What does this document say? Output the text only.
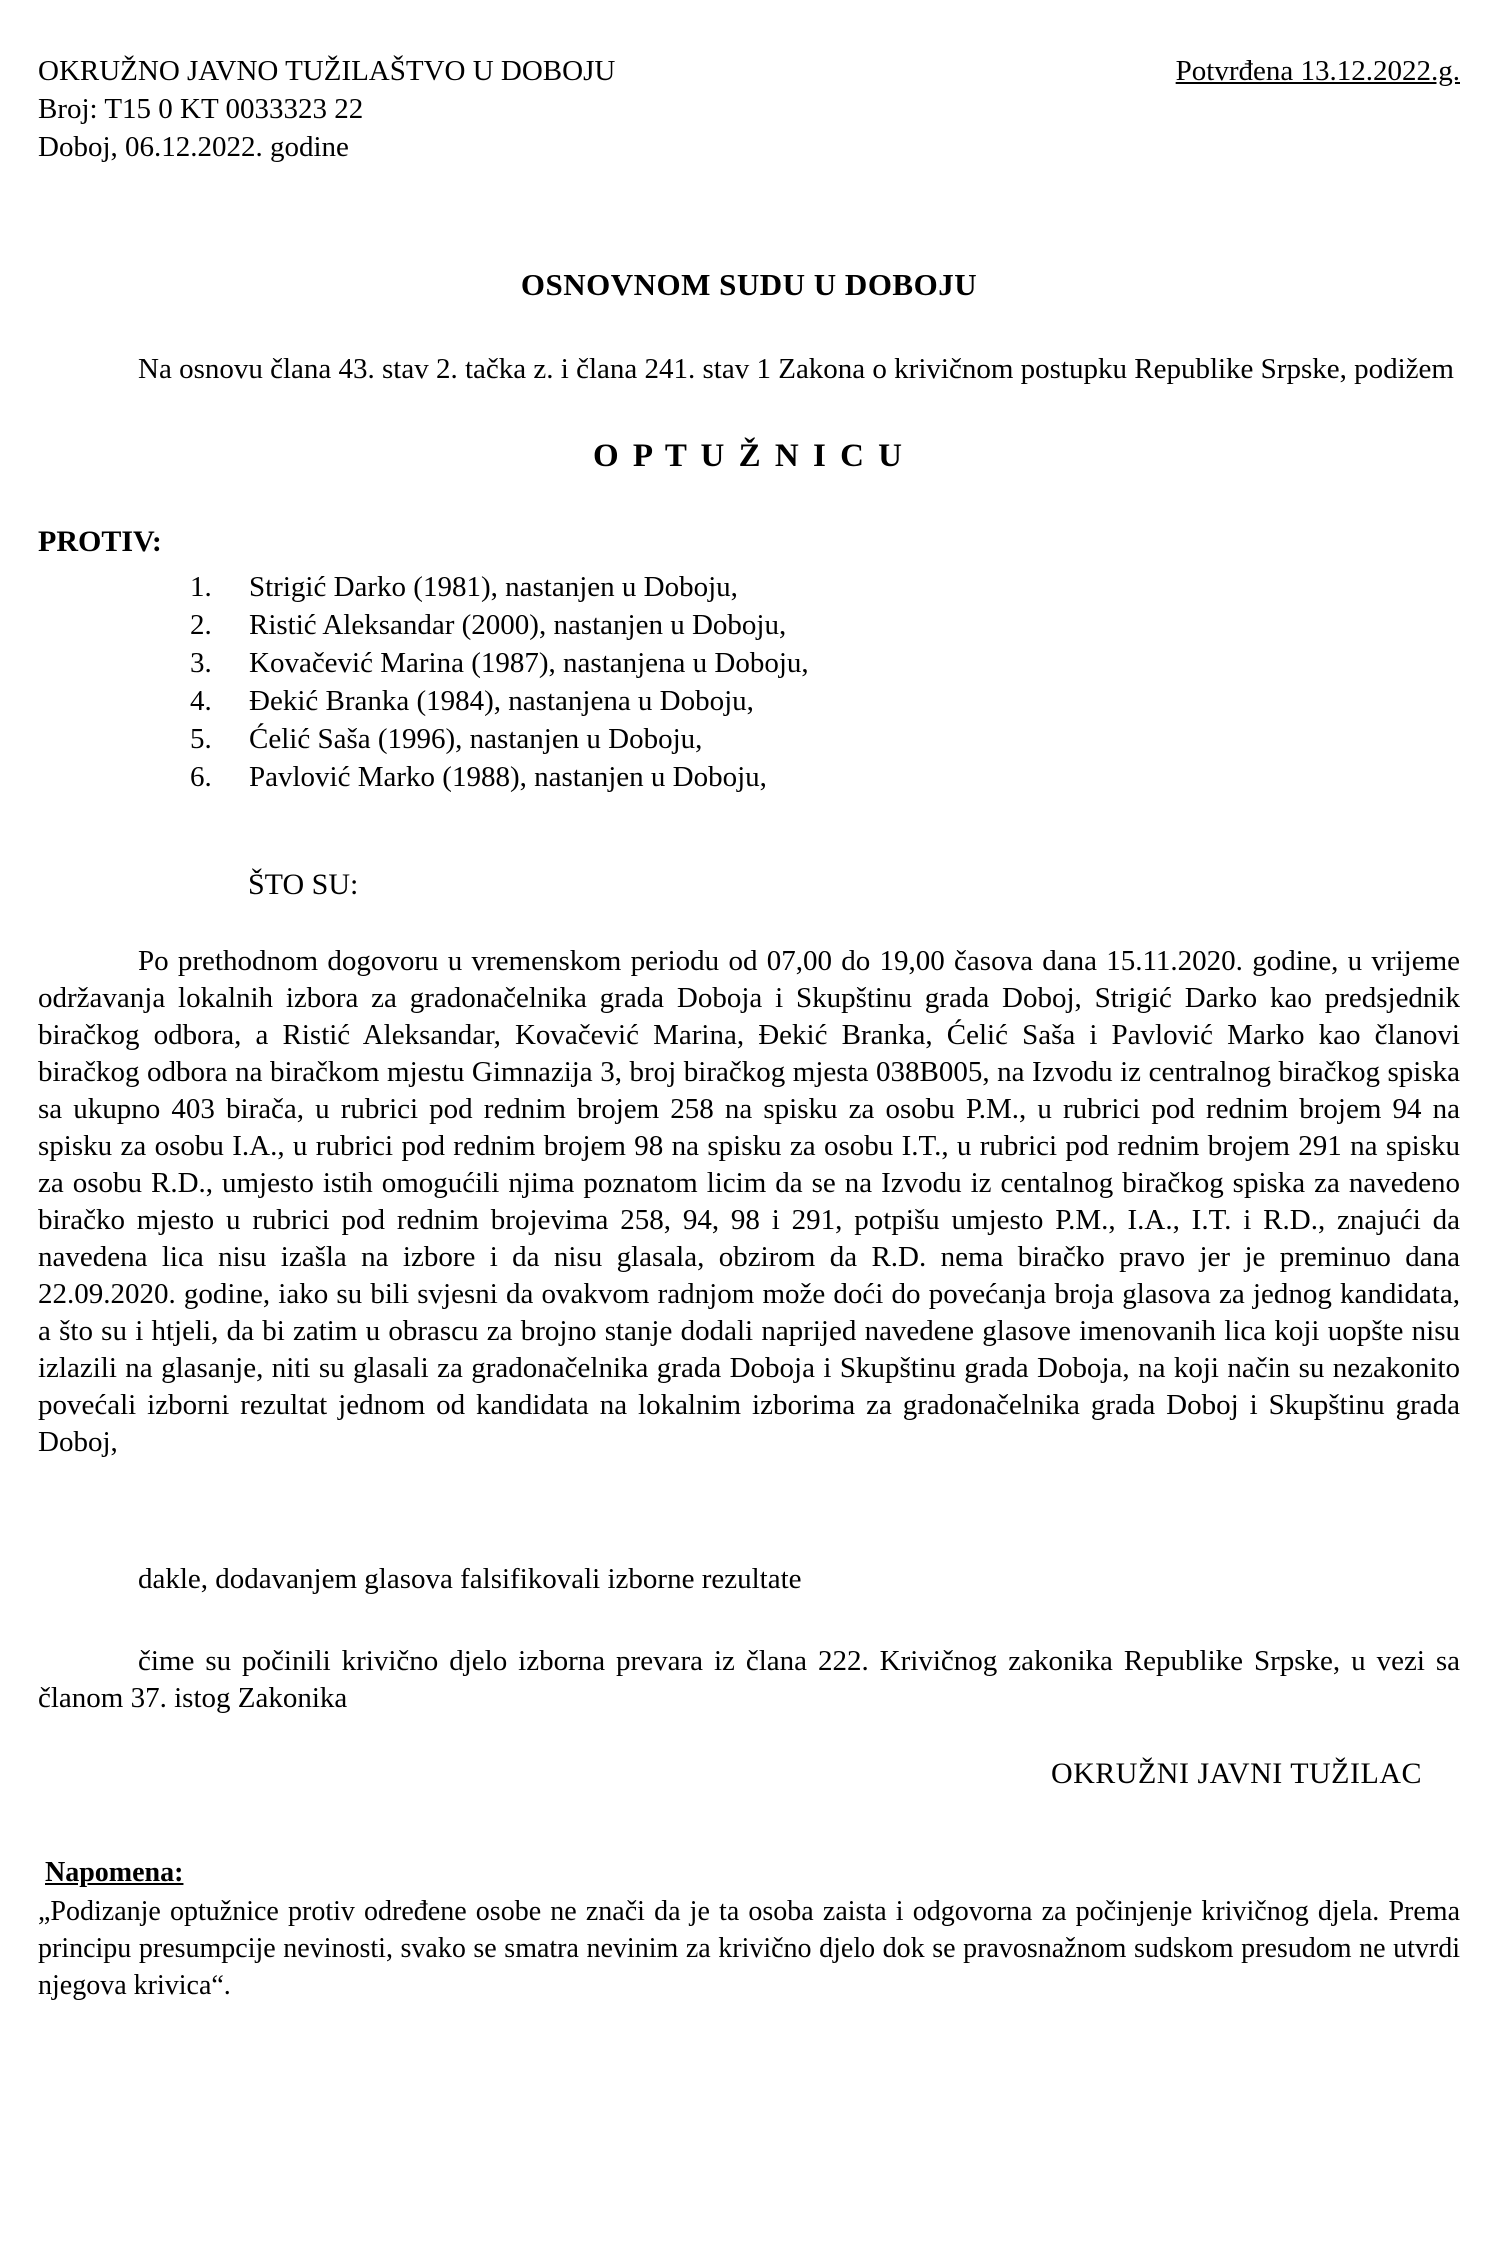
OKRUŽNO JAVNO TUŽILAŠTVO U DOBOJU	Potvrđena 13.12.2022.g.
Broj: T15 0 KT 0033323 22
Doboj, 06.12.2022. godine
OSNOVNOM SUDU U DOBOJU

Na osnovu člana 43. stav 2. tačka z. i člana 241. stav 1 Zakona o krivičnom postupku Republike Srpske, podižem

O P T U Ž N I C U
PROTIV:
1. Strigić Darko (1981), nastanjen u Doboju,
2. Ristić Aleksandar (2000), nastanjen u Doboju,
3. Kovačević Marina (1987), nastanjena u Doboju,
4. Đekić Branka (1984), nastanjena u Doboju,
5. Ćelić Saša (1996), nastanjen u Doboju,
6. Pavlović Marko (1988), nastanjen u Doboju,
ŠTO SU:

Po prethodnom dogovoru u vremenskom periodu od 07,00 do 19,00 časova dana 15.11.2020. godine, u vrijeme održavanja lokalnih izbora za gradonačelnika grada Doboja i Skupštinu grada Doboj, Strigić Darko kao predsjednik biračkog odbora, a Ristić Aleksandar, Kovačević Marina, Đekić Branka, Ćelić Saša i Pavlović Marko kao članovi biračkog odbora na biračkom mjestu Gimnazija 3, broj biračkog mjesta 038B005, na Izvodu iz centralnog biračkog spiska sa ukupno 403 birača, u rubrici pod rednim brojem 258 na spisku za osobu P.M., u rubrici pod rednim brojem 94 na spisku za osobu I.A., u rubrici pod rednim brojem 98 na spisku za osobu I.T., u rubrici pod rednim brojem 291 na spisku za osobu R.D., umjesto istih omogućili njima poznatom licim da se na Izvodu iz centalnog biračkog spiska za navedeno biračko mjesto u rubrici pod rednim brojevima 258, 94, 98 i 291, potpišu umjesto P.M., I.A., I.T. i R.D., znajući da navedena lica nisu izašla na izbore i da nisu glasala, obzirom da R.D. nema biračko pravo jer je preminuo dana 22.09.2020. godine, iako su bili svjesni da ovakvom radnjom može doći do povećanja broja glasova za jednog kandidata, a što su i htjeli, da bi zatim u obrascu za brojno stanje dodali naprijed navedene glasove imenovanih lica koji uopšte nisu izlazili na glasanje, niti su glasali za gradonačelnika grada Doboja i Skupštinu grada Doboja, na koji način su nezakonito povećali izborni rezultat jednom od kandidata na lokalnim izborima za gradonačelnika grada Doboj i Skupštinu grada Doboj,

dakle, dodavanjem glasova falsifikovali izborne rezultate

čime su počinili krivično djelo izborna prevara iz člana 222. Krivičnog zakonika Republike Srpske, u vezi sa članom 37. istog Zakonika

OKRUŽNI JAVNI TUŽILAC
Napomena:

„Podizanje optužnice protiv određene osobe ne znači da je ta osoba zaista i odgovorna za počinjenje krivičnog djela. Prema principu presumpcije nevinosti, svako se smatra nevinim za krivično djelo dok se pravosnažnom sudskom presudom ne utvrdi njegova krivica“.
